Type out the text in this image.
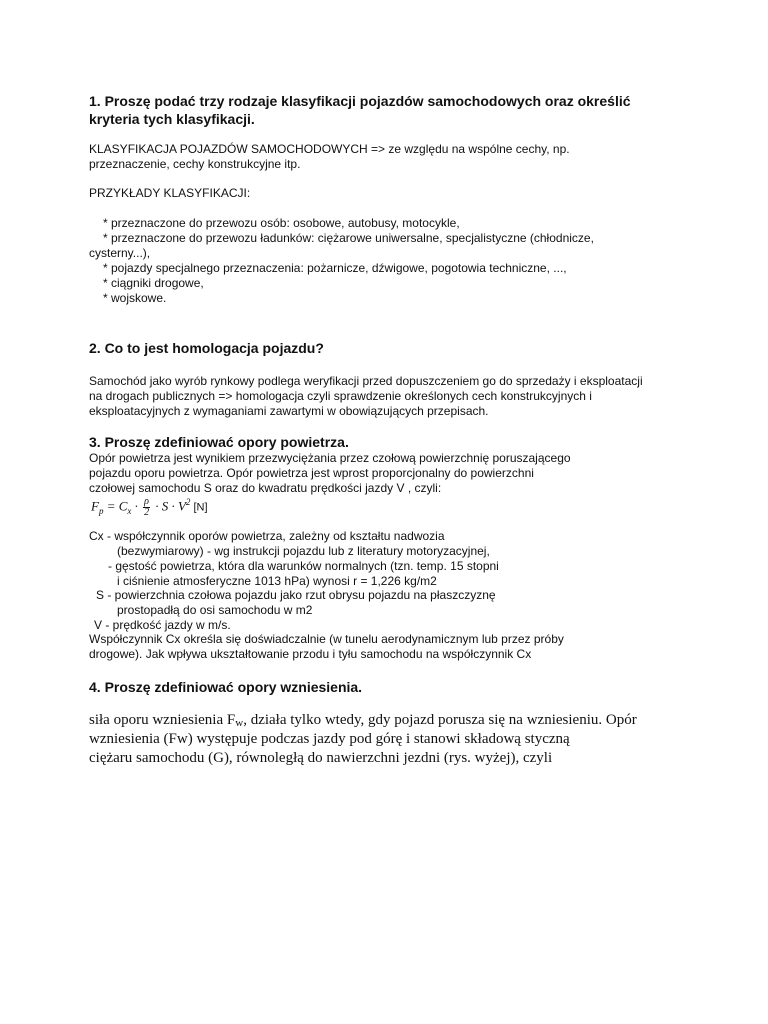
1. Proszę podać trzy rodzaje klasyfikacji pojazdów samochodowych oraz określić
kryteria tych klasyfikacji.
KLASYFIKACJA POJAZDÓW SAMOCHODOWYCH => ze względu na wspólne cechy, np.
przeznaczenie, cechy konstrukcyjne itp.
PRZYKŁADY KLASYFIKACJI:
* przeznaczone do przewozu osób: osobowe, autobusy, motocykle,
* przeznaczone do przewozu ładunków: ciężarowe uniwersalne, specjalistyczne (chłodnicze,
cysterny...),
* pojazdy specjalnego przeznaczenia: pożarnicze, dźwigowe, pogotowia techniczne, ...,
* ciągniki drogowe,
* wojskowe.
2. Co to jest homologacja pojazdu?
Samochód jako wyrób rynkowy podlega weryfikacji przed dopuszczeniem go do sprzedaży i eksploatacji
na drogach publicznych => homologacja czyli sprawdzenie określonych cech konstrukcyjnych i
eksploatacyjnych z wymaganiami zawartymi w obowiązujących przepisach.
3. Proszę zdefiniować opory powietrza.
Opór powietrza jest wynikiem przezwyciężania przez czołową powierzchnię poruszającego
pojazdu oporu powietrza. Opór powietrza jest wprost proporcjonalny do powierzchni
czołowej samochodu S oraz do kwadratu prędkości jazdy V , czyli:
$F_p = C_x \cdot \frac{\rho}{2} \cdot S \cdot V^2$ [N]
Cx - współczynnik oporów powietrza, zależny od kształtu nadwozia
(bezwymiarowy) - wg instrukcji pojazdu lub z literatury motoryzacyjnej,
- gęstość powietrza, która dla warunków normalnych (tzn. temp. 15 stopni
i ciśnienie atmosferyczne 1013 hPa) wynosi r = 1,226 kg/m2
S - powierzchnia czołowa pojazdu jako rzut obrysu pojazdu na płaszczyznę
prostopadłą do osi samochodu w m2
V - prędkość jazdy w m/s.
Współczynnik Cx określa się doświadczalnie (w tunelu aerodynamicznym lub przez próby
drogowe). Jak wpływa ukształtowanie przodu i tyłu samochodu na współczynnik Cx
4. Proszę zdefiniować opory wzniesienia.
siła oporu wzniesienia Fw, działa tylko wtedy, gdy pojazd porusza się na wzniesieniu. Opór
wzniesienia (Fw) występuje podczas jazdy pod górę i stanowi składową styczną
ciężaru samochodu (G), równoległą do nawierzchni jezdni (rys. wyżej), czyli
